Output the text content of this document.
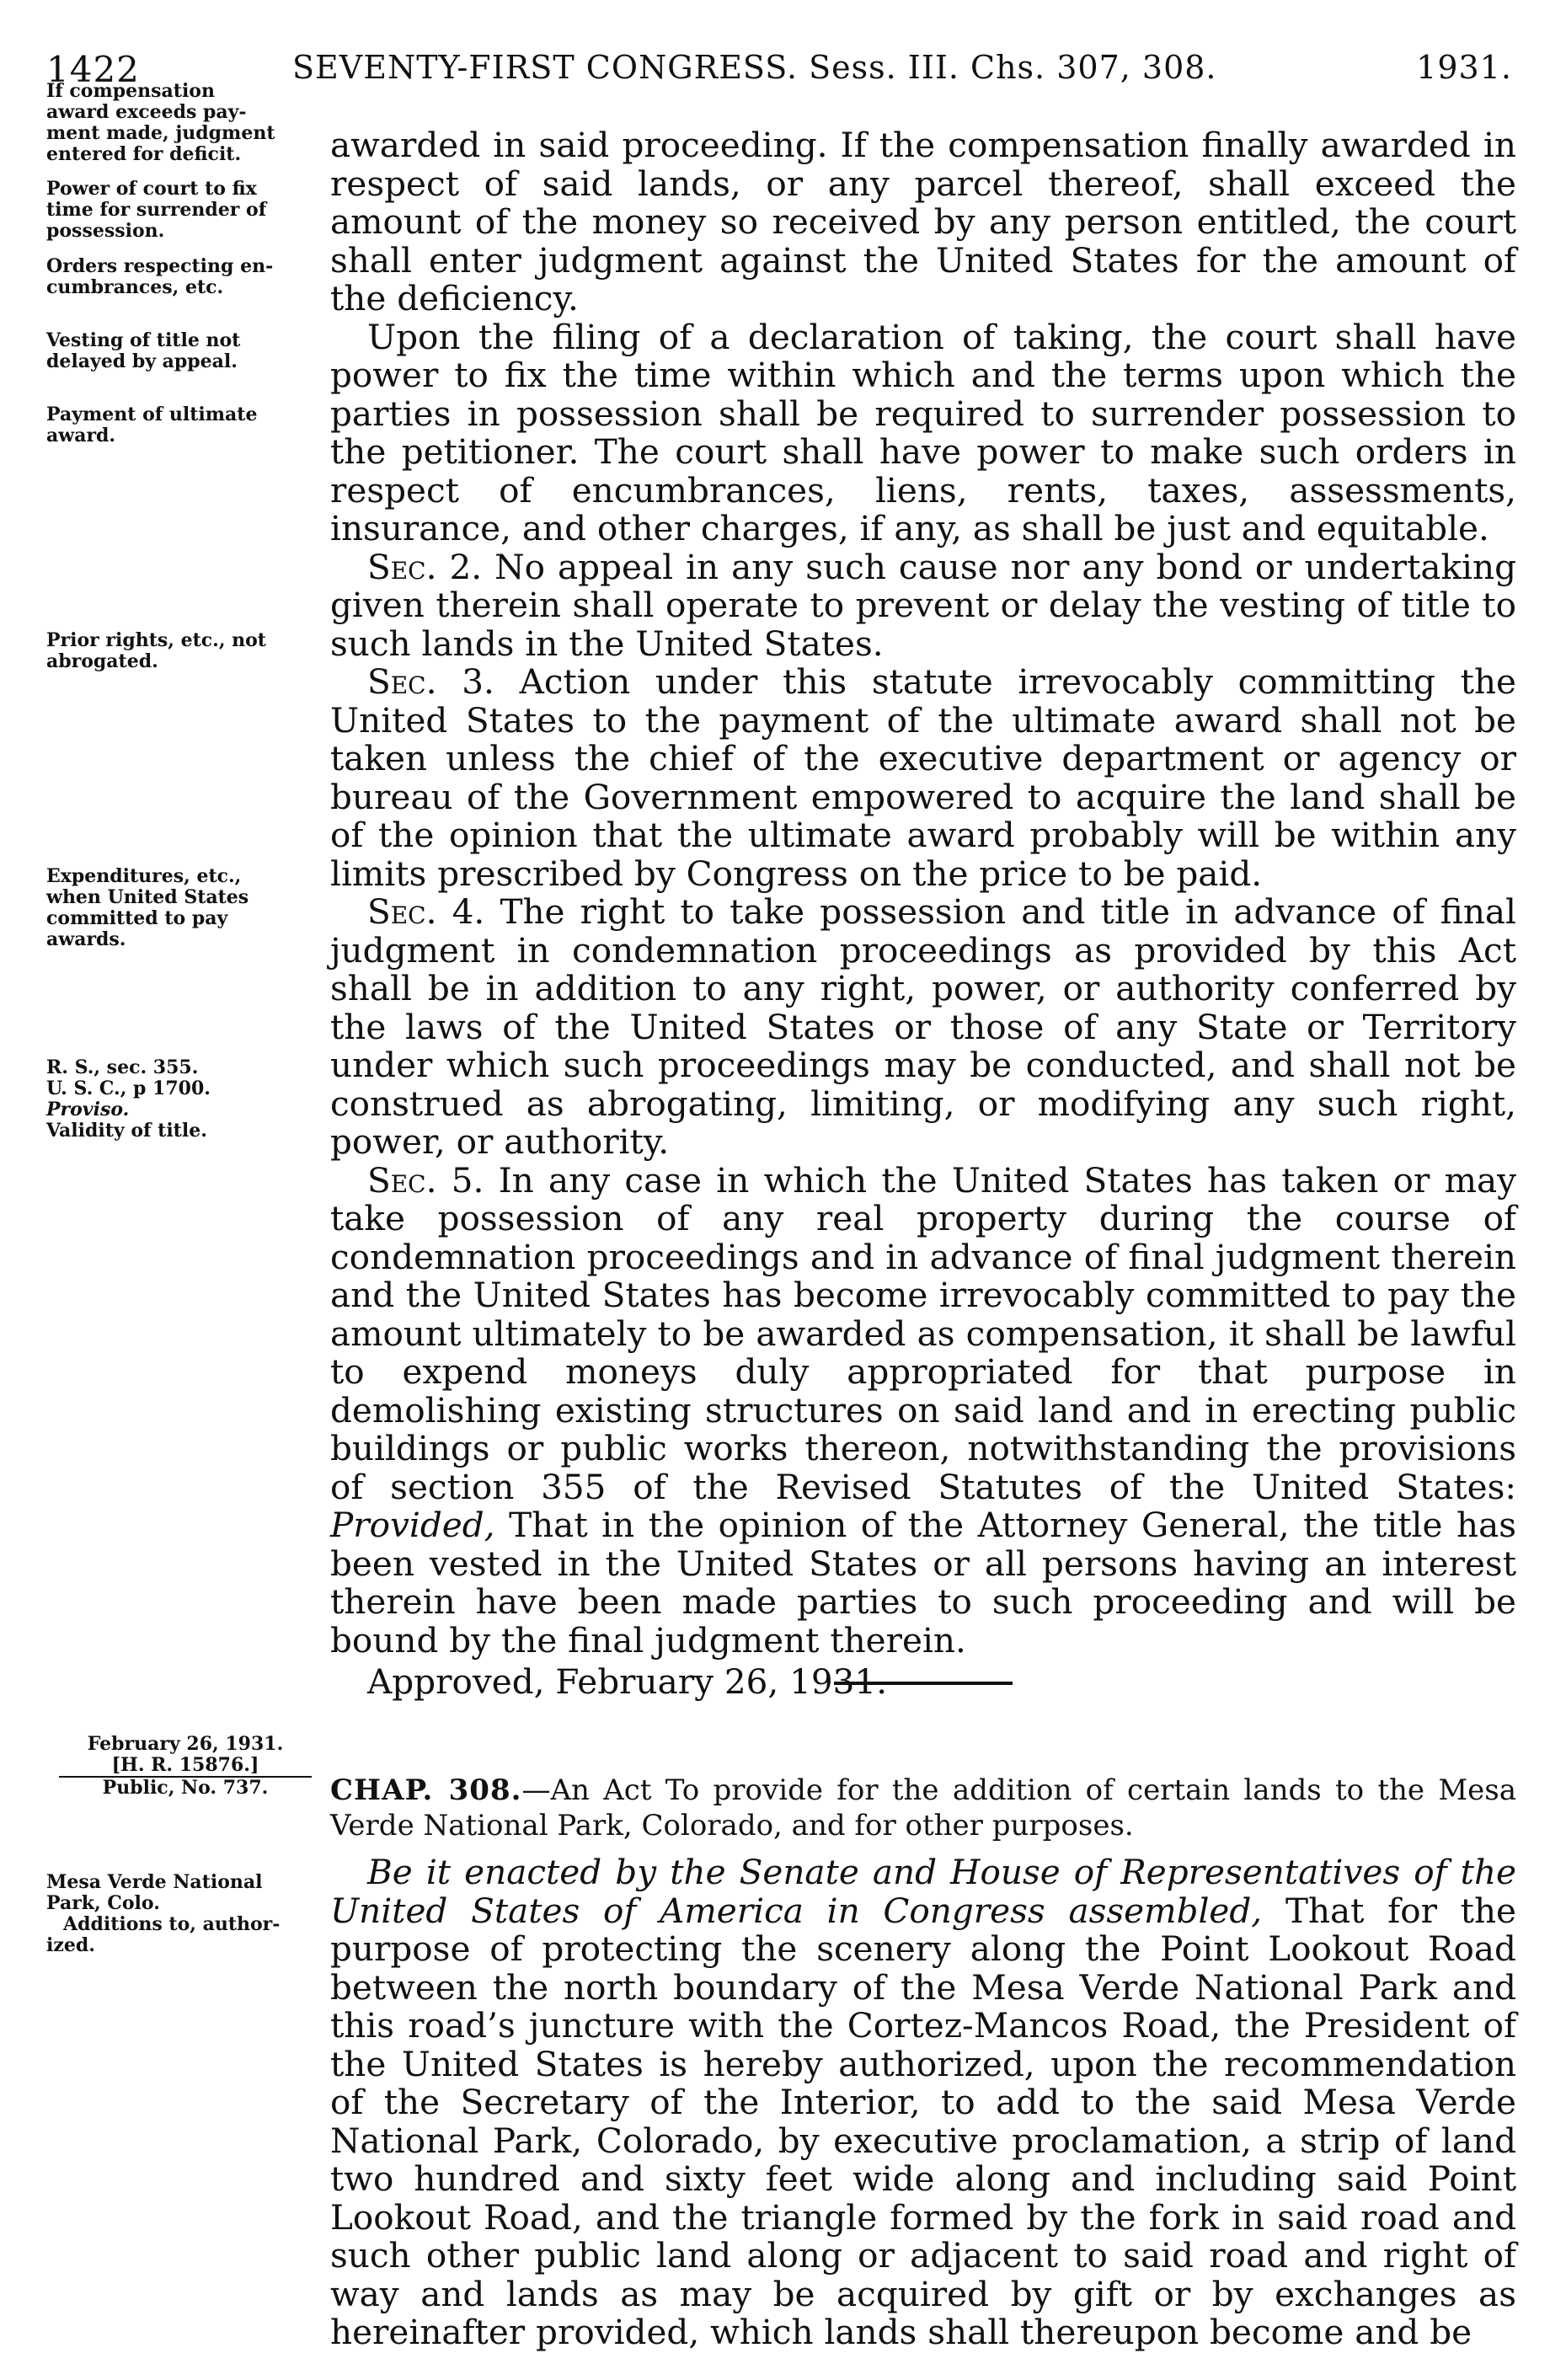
1422	SEVENTY-FIRST CONGRESS. Sess. III. Chs. 307, 308.	1931.
If compensation
award exceeds pay-
ment made, judgment
entered for deficit.
Power of court to fix
time for surrender of
possession.
Orders respecting en-
cumbrances, etc.
Vesting of title not
delayed by appeal.
Payment of ultimate
award.
Prior rights, etc., not
abrogated.
Expenditures, etc.,
when United States
committed to pay
awards.
R. S., sec. 355.
U. S. C., p 1700.
Proviso.
Validity of title.

awarded in said proceeding. If the compensation finally awarded in respect of said lands, or any parcel thereof, shall exceed the amount of the money so received by any person entitled, the court shall enter judgment against the United States for the amount of the deficiency.

Upon the filing of a declaration of taking, the court shall have power to fix the time within which and the terms upon which the parties in possession shall be required to surrender possession to the petitioner. The court shall have power to make such orders in respect of encumbrances, liens, rents, taxes, assessments, insurance, and other charges, if any, as shall be just and equitable.

Sec. 2. No appeal in any such cause nor any bond or undertaking given therein shall operate to prevent or delay the vesting of title to such lands in the United States.

Sec. 3. Action under this statute irrevocably committing the United States to the payment of the ultimate award shall not be taken unless the chief of the executive department or agency or bureau of the Government empowered to acquire the land shall be of the opinion that the ultimate award probably will be within any limits prescribed by Congress on the price to be paid.

Sec. 4. The right to take possession and title in advance of final judgment in condemnation proceedings as provided by this Act shall be in addition to any right, power, or authority conferred by the laws of the United States or those of any State or Territory under which such proceedings may be conducted, and shall not be construed as abrogating, limiting, or modifying any such right, power, or authority.

Sec. 5. In any case in which the United States has taken or may take possession of any real property during the course of condemnation proceedings and in advance of final judgment therein and the United States has become irrevocably committed to pay the amount ultimately to be awarded as compensation, it shall be lawful to expend moneys duly appropriated for that purpose in demolishing existing structures on said land and in erecting public buildings or public works thereon, notwithstanding the provisions of section 355 of the Revised Statutes of the United States: Provided, That in the opinion of the Attorney General, the title has been vested in the United States or all persons having an interest therein have been made parties to such proceeding and will be bound by the final judgment therein.

Approved, February 26, 1931.

February 26, 1931.
[H. R. 15876.]
Public, No. 737.	CHAP. 308.—An Act To provide for the addition of certain lands to the Mesa Verde National Park, Colorado, and for other purposes.
Mesa Verde National
Park, Colo.
Additions to, author-
ized.

Be it enacted by the Senate and House of Representatives of the United States of America in Congress assembled, That for the purpose of protecting the scenery along the Point Lookout Road between the north boundary of the Mesa Verde National Park and this road’s juncture with the Cortez-Mancos Road, the President of the United States is hereby authorized, upon the recommendation of the Secretary of the Interior, to add to the said Mesa Verde National Park, Colorado, by executive proclamation, a strip of land two hundred and sixty feet wide along and including said Point Lookout Road, and the triangle formed by the fork in said road and such other public land along or adjacent to said road and right of way and lands as may be acquired by gift or by exchanges as hereinafter provided, which lands shall thereupon become and be
